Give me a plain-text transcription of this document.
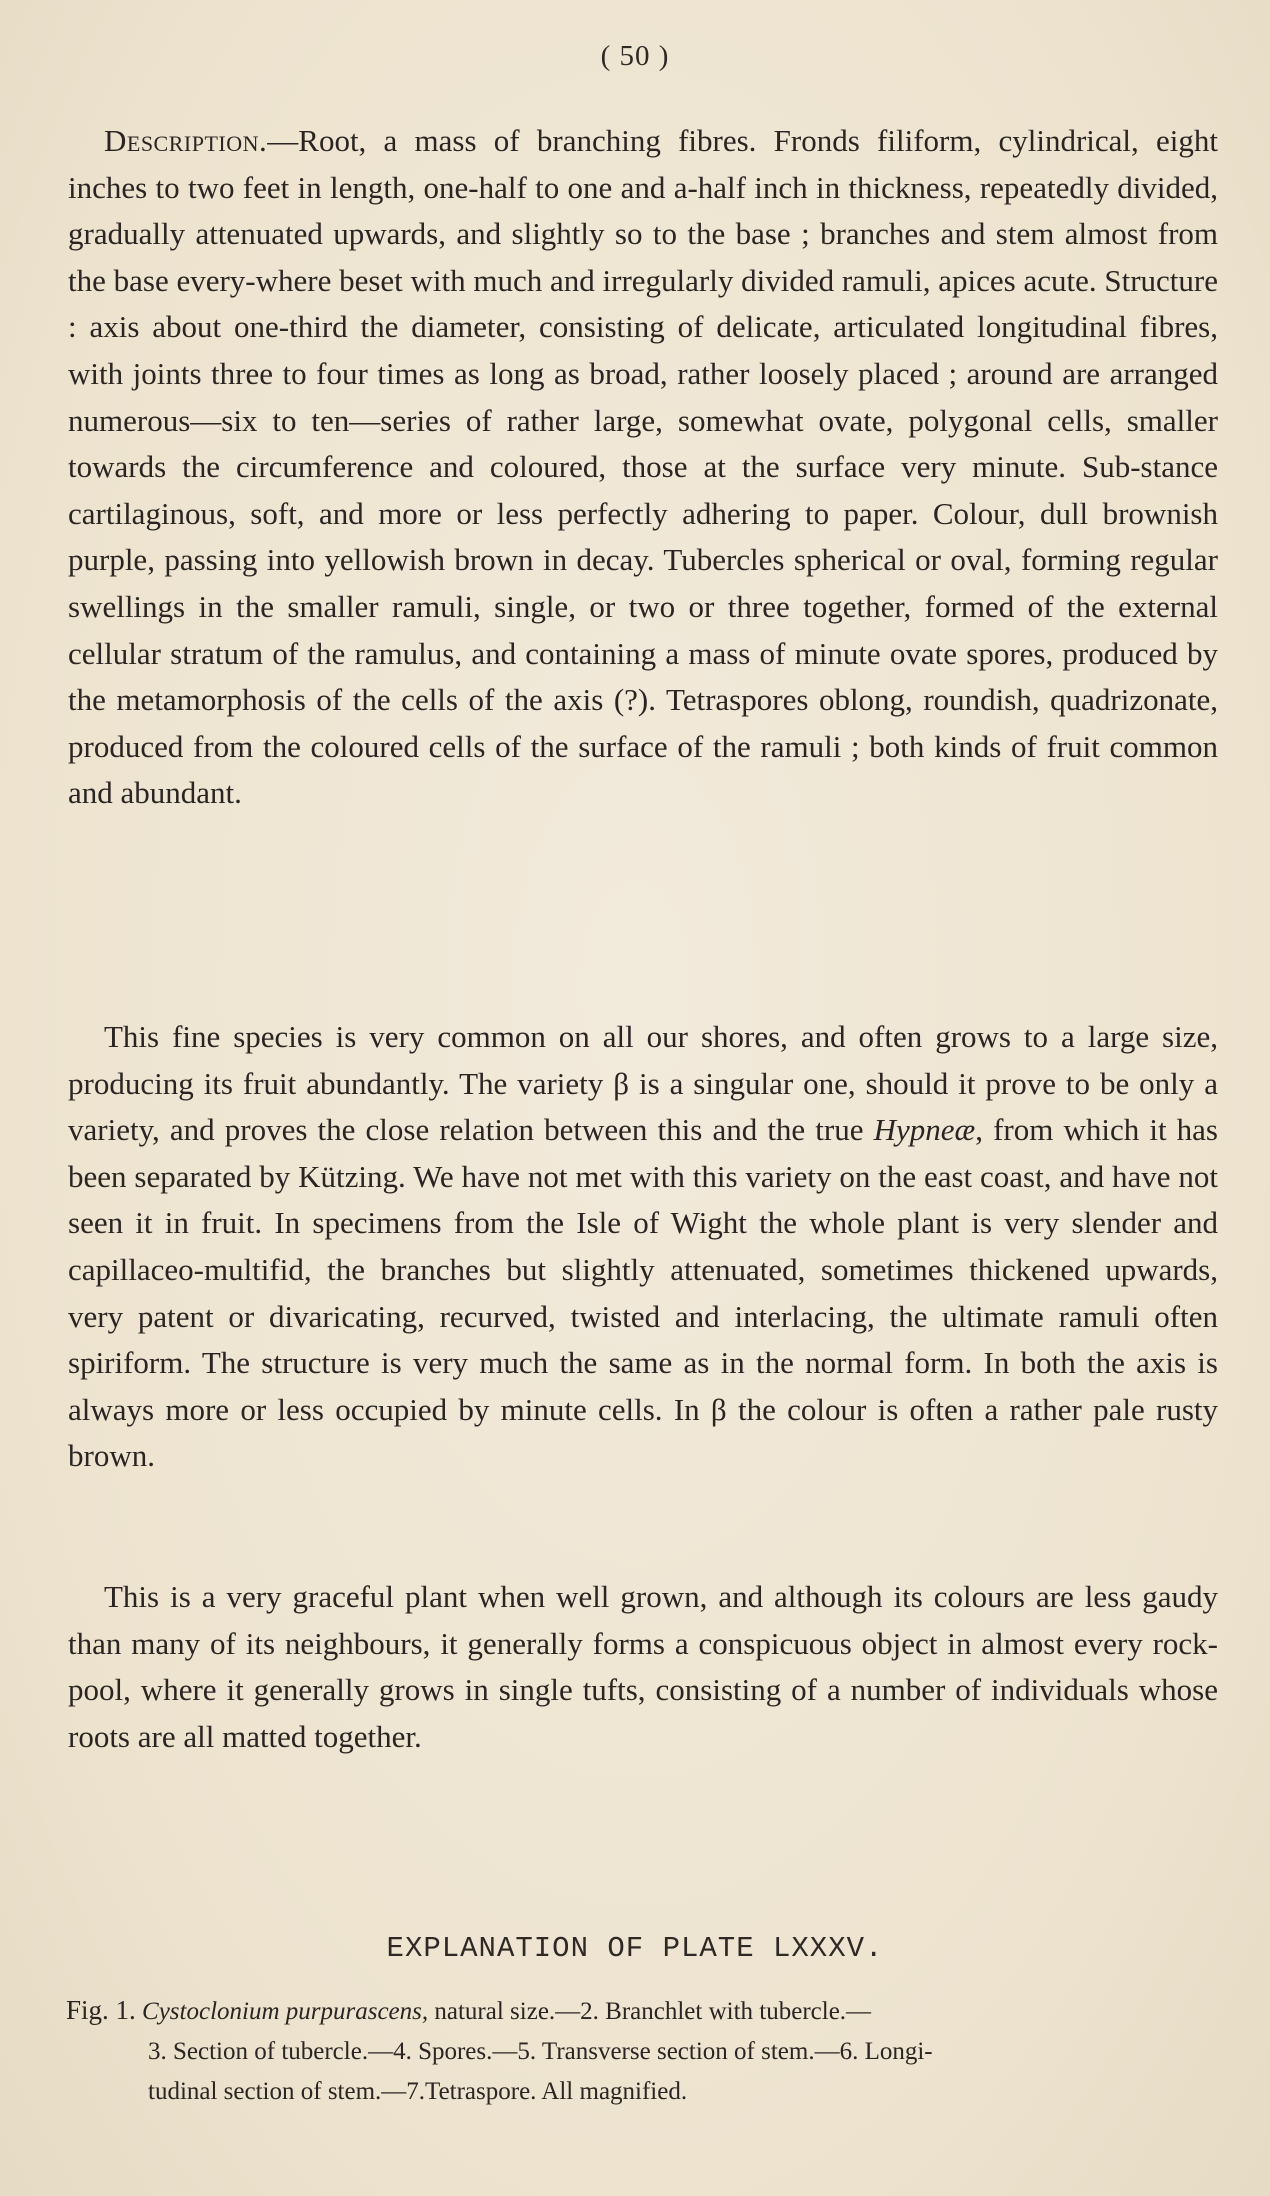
( 50 )

Description.—Root, a mass of branching fibres. Fronds filiform, cylindrical, eight inches to two feet in length, one-half to one and a-half inch in thickness, repeatedly divided, gradually attenuated upwards, and slightly so to the base ; branches and stem almost from the base every-where beset with much and irregularly divided ramuli, apices acute. Structure : axis about one-third the diameter, consisting of delicate, articulated longitudinal fibres, with joints three to four times as long as broad, rather loosely placed ; around are arranged numerous—six to ten—series of rather large, somewhat ovate, polygonal cells, smaller towards the circumference and coloured, those at the surface very minute. Sub-stance cartilaginous, soft, and more or less perfectly adhering to paper. Colour, dull brownish purple, passing into yellowish brown in decay. Tubercles spherical or oval, forming regular swellings in the smaller ramuli, single, or two or three together, formed of the external cellular stratum of the ramulus, and containing a mass of minute ovate spores, produced by the metamorphosis of the cells of the axis (?). Tetraspores oblong, roundish, quadrizonate, produced from the coloured cells of the surface of the ramuli ; both kinds of fruit common and abundant.

This fine species is very common on all our shores, and often grows to a large size, producing its fruit abundantly. The variety β is a singular one, should it prove to be only a variety, and proves the close relation between this and the true Hypneæ, from which it has been separated by Kützing. We have not met with this variety on the east coast, and have not seen it in fruit. In specimens from the Isle of Wight the whole plant is very slender and capillaceo-multifid, the branches but slightly attenuated, sometimes thickened upwards, very patent or divaricating, recurved, twisted and interlacing, the ultimate ramuli often spiriform. The structure is very much the same as in the normal form. In both the axis is always more or less occupied by minute cells. In β the colour is often a rather pale rusty brown.

This is a very graceful plant when well grown, and although its colours are less gaudy than many of its neighbours, it generally forms a conspicuous object in almost every rock-pool, where it generally grows in single tufts, consisting of a number of individuals whose roots are all matted together.

EXPLANATION OF PLATE LXXXV.

Fig. 1. Cystoclonium purpurascens, natural size.—2. Branchlet with tubercle.—
3. Section of tubercle.—4. Spores.—5. Transverse section of stem.—6. Longi-
tudinal section of stem.—7.Tetraspore. All magnified.
